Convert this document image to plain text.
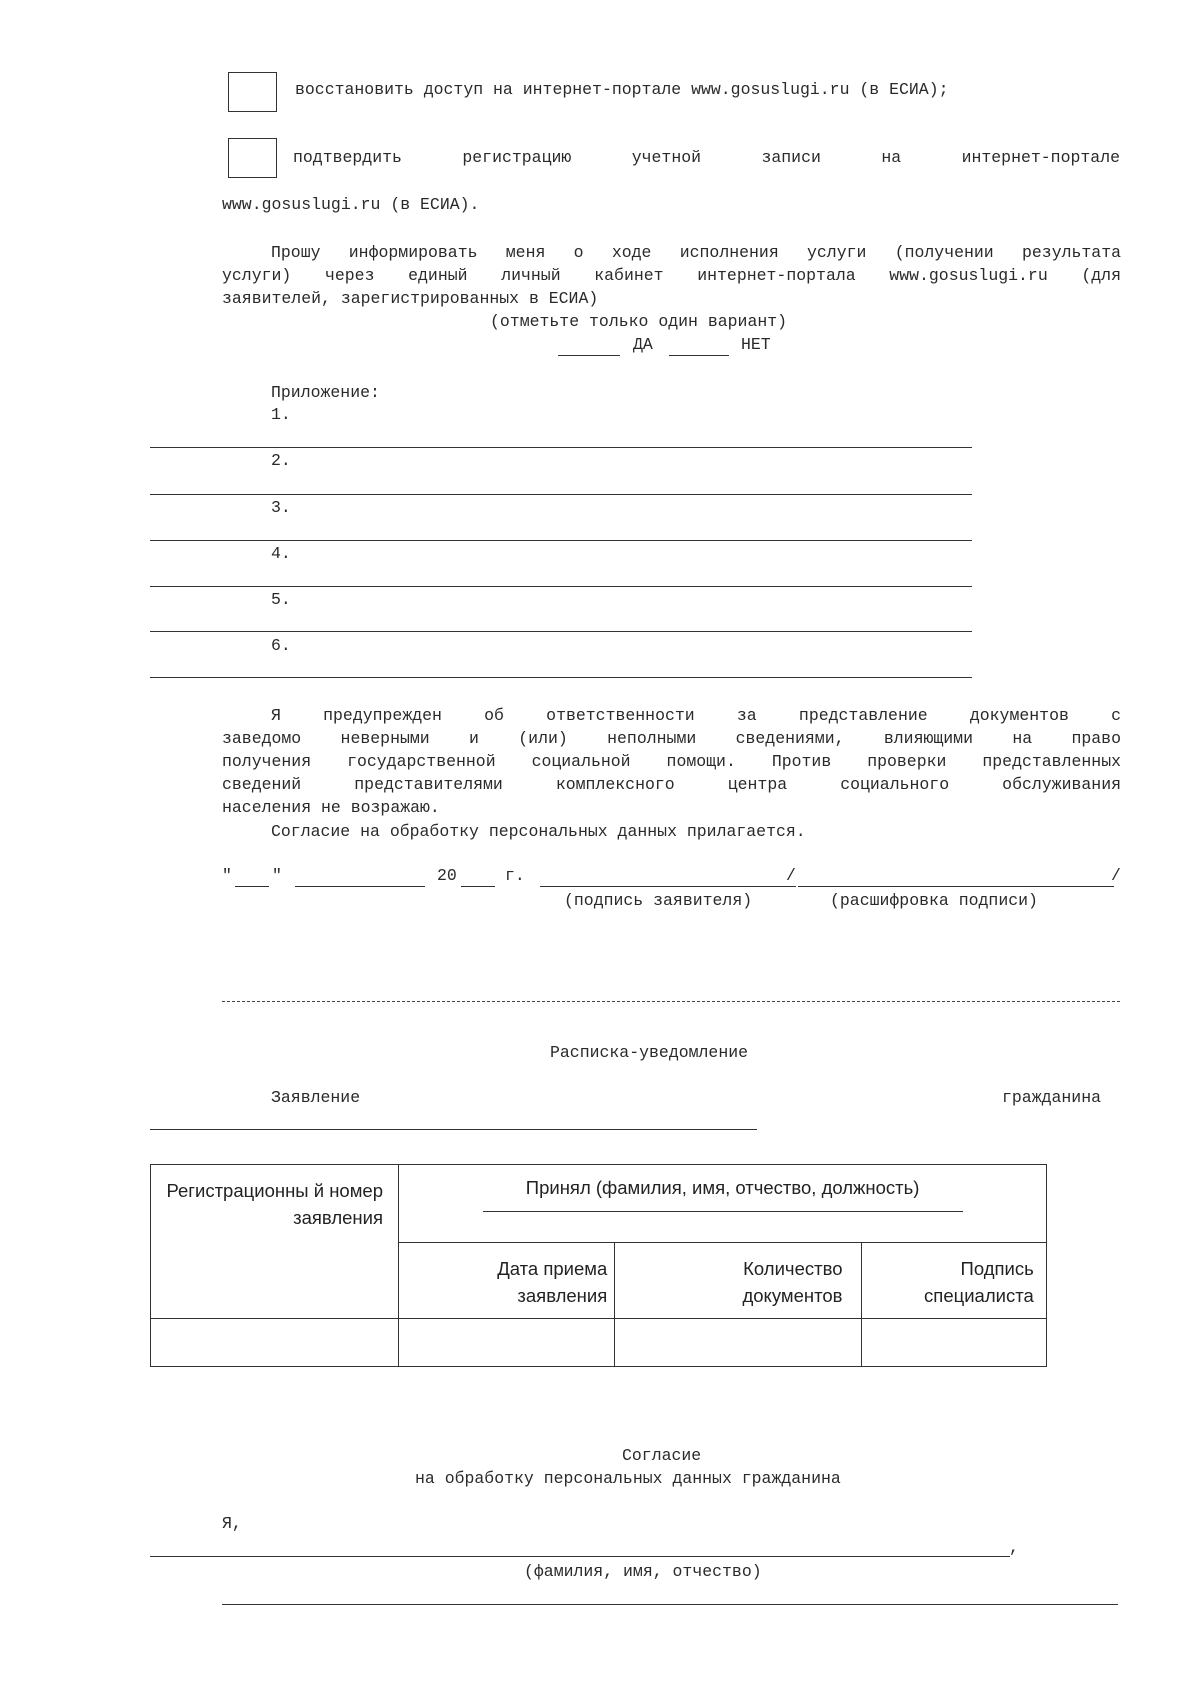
восстановить доступ на интернет-портале www.gosuslugi.ru (в ЕСИА);
подтвердить регистрацию учетной записи на интернет-портале
www.gosuslugi.ru (в ЕСИА).
Прошу информировать меня о ходе исполнения услуги (получении результата
услуги) через единый личный кабинет интернет-портала www.gosuslugi.ru (для
заявителей, зарегистрированных в ЕСИА)
(отметьте только один вариант)
ДА	НЕТ
Приложение:
1.
2.
3.
4.
5.
6.
Я предупрежден об ответственности за представление документов с
заведомо неверными и (или) неполными сведениями, влияющими на право
получения государственной социальной помощи. Против проверки представленных
сведений представителями комплексного центра социального обслуживания
населения не возражаю.
Согласие на обработку персональных данных прилагается.
" "	20	г.	/	/
(подпись заявителя)	(расшифровка подписи)
Расписка-уведомление
Заявление	гражданина
Регистрационны й номер заявления	Принял (фамилия, имя, отчество, должность)		

	Дата приема заявления	Количество документов	Подпись специалиста

Согласие
на обработку персональных данных гражданина
Я,
,
(фамилия, имя, отчество)
